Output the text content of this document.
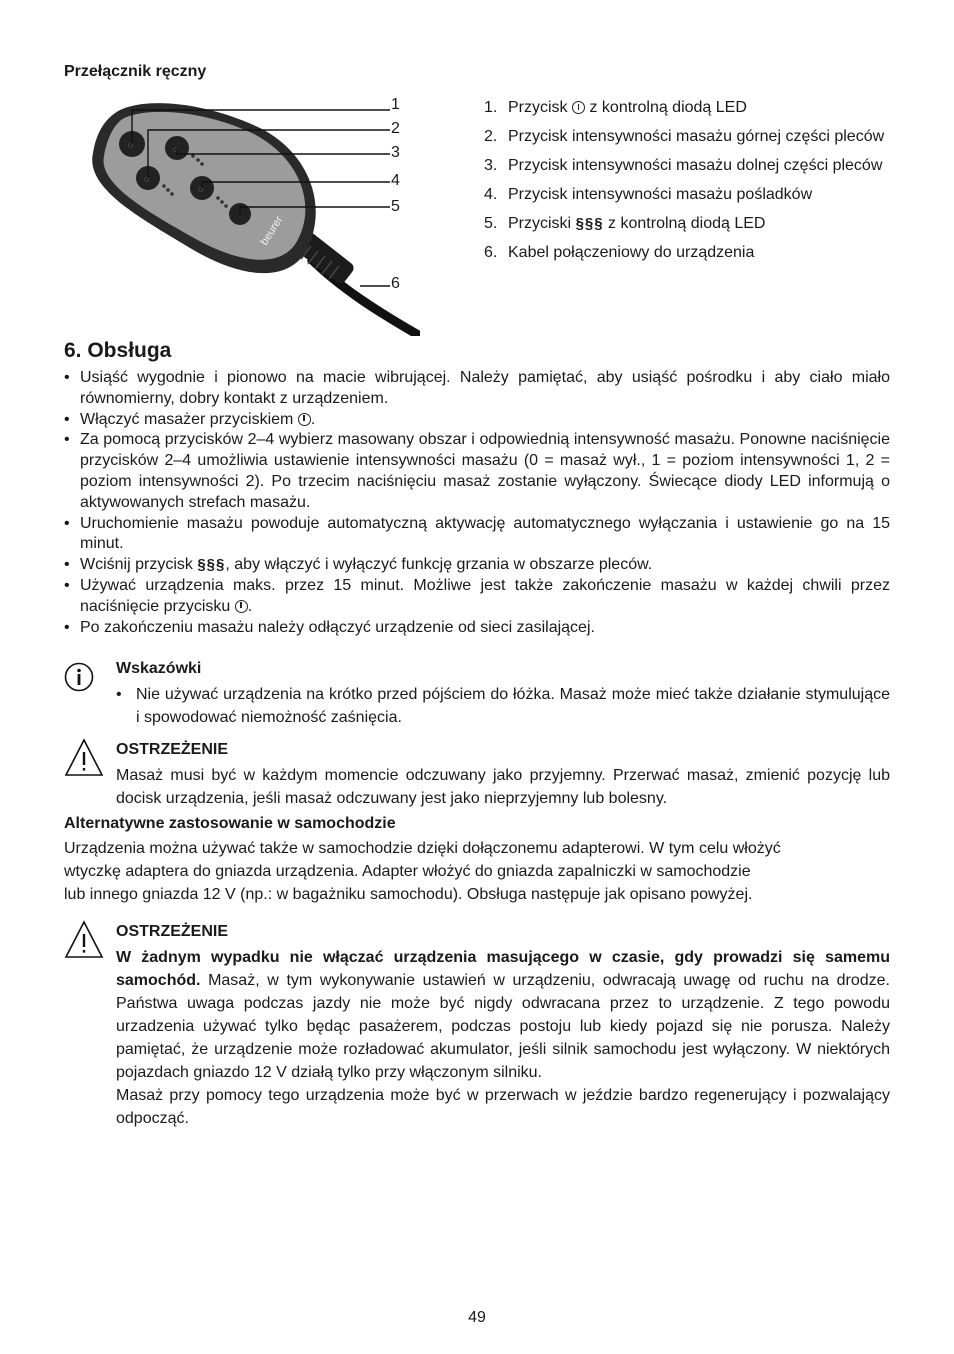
Przełącznik ręczny
◌	◌
◌
◌
beurer
1
2
3
4
5
6
1. Przycisk z kontrolną diodą LED
2. Przycisk intensywności masażu górnej części pleców
3. Przycisk intensywności masażu dolnej części pleców
4. Przycisk intensywności masażu pośladków
5. Przyciski §§§ z kontrolną diodą LED
6. Kabel połączeniowy do urządzenia
6. Obsługa
• Usiąść wygodnie i pionowo na macie wibrującej. Należy pamiętać, aby usiąść pośrodku i aby ciało miało równomierny, dobry kontakt z urządzeniem.
• Włączyć masażer przyciskiem .
• Za pomocą przycisków 2–4 wybierz masowany obszar i odpowiednią intensywność masażu. Ponowne naciśnięcie przycisków 2–4 umożliwia ustawienie intensywności masażu (0 = masaż wył., 1 = poziom intensywności 1, 2 = poziom intensywności 2). Po trzecim naciśnięciu masaż zostanie wyłączony. Świecące diody LED informują o aktywowanych strefach masażu.
• Uruchomienie masażu powoduje automatyczną aktywację automatycznego wyłączania i ustawienie go na 15 minut.
• Wciśnij przycisk §§§, aby włączyć i wyłączyć funkcję grzania w obszarze pleców.
• Używać urządzenia maks. przez 15 minut. Możliwe jest także zakończenie masażu w każdej chwili przez naciśnięcie przycisku .
• Po zakończeniu masażu należy odłączyć urządzenie od sieci zasilającej.
Wskazówki
• Nie używać urządzenia na krótko przed pójściem do łóżka. Masaż może mieć także działanie stymulujące i spowodować niemożność zaśnięcia.
OSTRZEŻENIE
Masaż musi być w każdym momencie odczuwany jako przyjemny. Przerwać masaż, zmienić pozycję lub docisk urządzenia, jeśli masaż odczuwany jest jako nieprzyjemny lub bolesny.
Alternatywne zastosowanie w samochodzie
Urządzenia można używać także w samochodzie dzięki dołączonemu adapterowi. W tym celu włożyć
wtyczkę adaptera do gniazda urządzenia. Adapter włożyć do gniazda zapalniczki w samochodzie
lub innego gniazda 12 V (np.: w bagażniku samochodu). Obsługa następuje jak opisano powyżej.
OSTRZEŻENIE
W żadnym wypadku nie włączać urządzenia masującego w czasie, gdy prowadzi się samemu samochód. Masaż, w tym wykonywanie ustawień w urządzeniu, odwracają uwagę od ruchu na drodze. Państwa uwaga podczas jazdy nie może być nigdy odwracana przez to urządzenie. Z tego powodu urzadzenia używać tylko będąc pasażerem, podczas postoju lub kiedy pojazd się nie porusza. Należy pamiętać, że urządzenie może rozładować akumulator, jeśli silnik samochodu jest wyłączony. W niektórych pojazdach gniazdo 12 V działą tylko przy włączonym silniku.
Masaż przy pomocy tego urządzenia może być w przerwach w jeździe bardzo regenerujący i pozwalający odpocząć.
49
